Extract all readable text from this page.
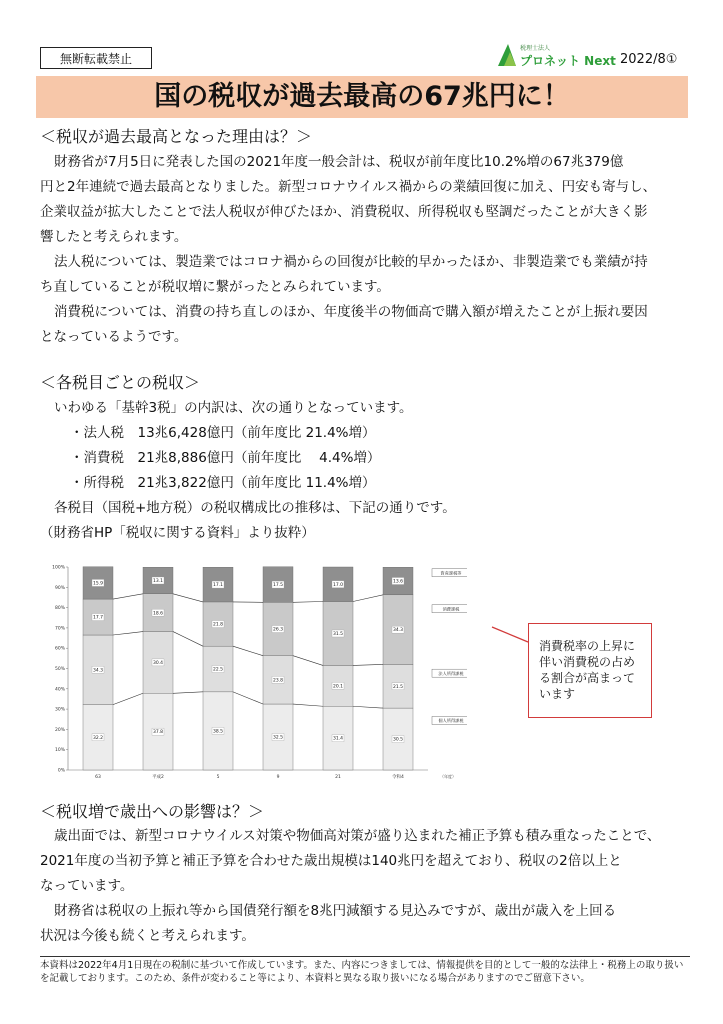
無断転載禁止
税理士法人
プロネット Next 2022/8①
国の税収が過去最高の67兆円に！
＜税収が過去最高となった理由は？＞
財務省が7月5日に発表した国の2021年度一般会計は、税収が前年度比10.2%増の67兆379億
円と2年連続で過去最高となりました。新型コロナウイルス禍からの業績回復に加え、円安も寄与し、
企業収益が拡大したことで法人税収が伸びたほか、消費税収、所得税収も堅調だったことが大きく影
響したと考えられます。
法人税については、製造業ではコロナ禍からの回復が比較的早かったほか、非製造業でも業績が持
ち直していることが税収増に繋がったとみられています。
消費税については、消費の持ち直しのほか、年度後半の物価高で購入額が増えたことが上振れ要因
となっているようです。
＜各税目ごとの税収＞
いわゆる「基幹3税」の内訳は、次の通りとなっています。
・法人税　13兆6,428億円（前年度比 21.4%増）
・消費税　21兆8,886億円（前年度比　 4.4%増）
・所得税　21兆3,822億円（前年度比 11.4%増）
各税目（国税+地方税）の税収構成比の推移は、下記の通りです。
（財務省HP「税収に関する資料」より抜粋）
0%
10%
20%
30%
40%
50%
60%
70%
80%
90%
100%
32.2
34.3
17.7
15.9
63
37.8
30.4
18.6
13.1
平成2
38.5
22.5
21.8
17.1
5
32.5
23.8
26.3
17.5
9
31.4
20.1
31.5
17.0
21
30.5
21.5
34.3
13.6
令和4	（年度）
個人所得課税
法人所得課税
消費課税
資産課税等
消費税率の上昇に
伴い消費税の占め
る割合が高まって
います
＜税収増で歳出への影響は？＞
歳出面では、新型コロナウイルス対策や物価高対策が盛り込まれた補正予算も積み重なったことで、
2021年度の当初予算と補正予算を合わせた歳出規模は140兆円を超えており、税収の2倍以上と
なっています。
財務省は税収の上振れ等から国債発行額を8兆円減額する見込みですが、歳出が歳入を上回る
状況は今後も続くと考えられます。
本資料は2022年4月1日現在の税制に基づいて作成しています。また、内容につきましては、情報提供を目的として一般的な法律上・税務上の取り扱い
を記載しております。このため、条件が変わること等により、本資料と異なる取り扱いになる場合がありますのでご留意下さい。
